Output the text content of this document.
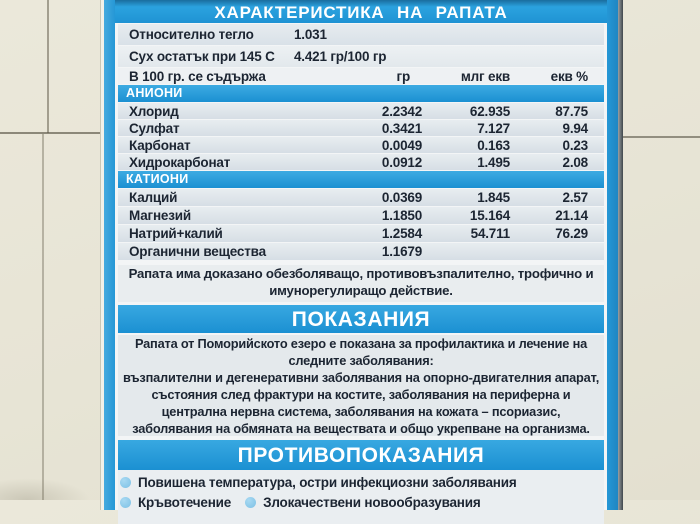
ХАРАКТЕРИСТИКА НА РАПАТА
Относително тегло	1.031
Сух остатък при 145 С	4.421 гр/100 гр
В 100 гр. се съдържа	гр	млг екв	екв %
АНИОНИ
Хлорид	2.2342	62.935	87.75
Сулфат	0.3421	7.127	9.94
Карбонат	0.0049	0.163	0.23
Хидрокарбонат	0.0912	1.495	2.08
КАТИОНИ
Калций	0.0369	1.845	2.57
Магнезий	1.1850	15.164	21.14
Натрий+калий	1.2584	54.711	76.29
Органични вещества	1.1679
Рапата има доказано обезболяващо, противовъзпалително, трофично и имунорегулиращо действие.
ПОКАЗАНИЯ

Рапата от Поморийското езеро е показана за профилактика и лечение на следните заболявания:

възпалителни и дегенеративни заболявания на опорно-двигателния апарат, състояния след фрактури на костите, заболявания на периферна и централна нервна система, заболявания на кожата – псориазис, заболявания на обмяната на веществата и общо укрепване на организма.

ПРОТИВОПОКАЗАНИЯ
Повишена температура, остри инфекциозни заболявания
Кръвотечение Злокачествени новообразувания
